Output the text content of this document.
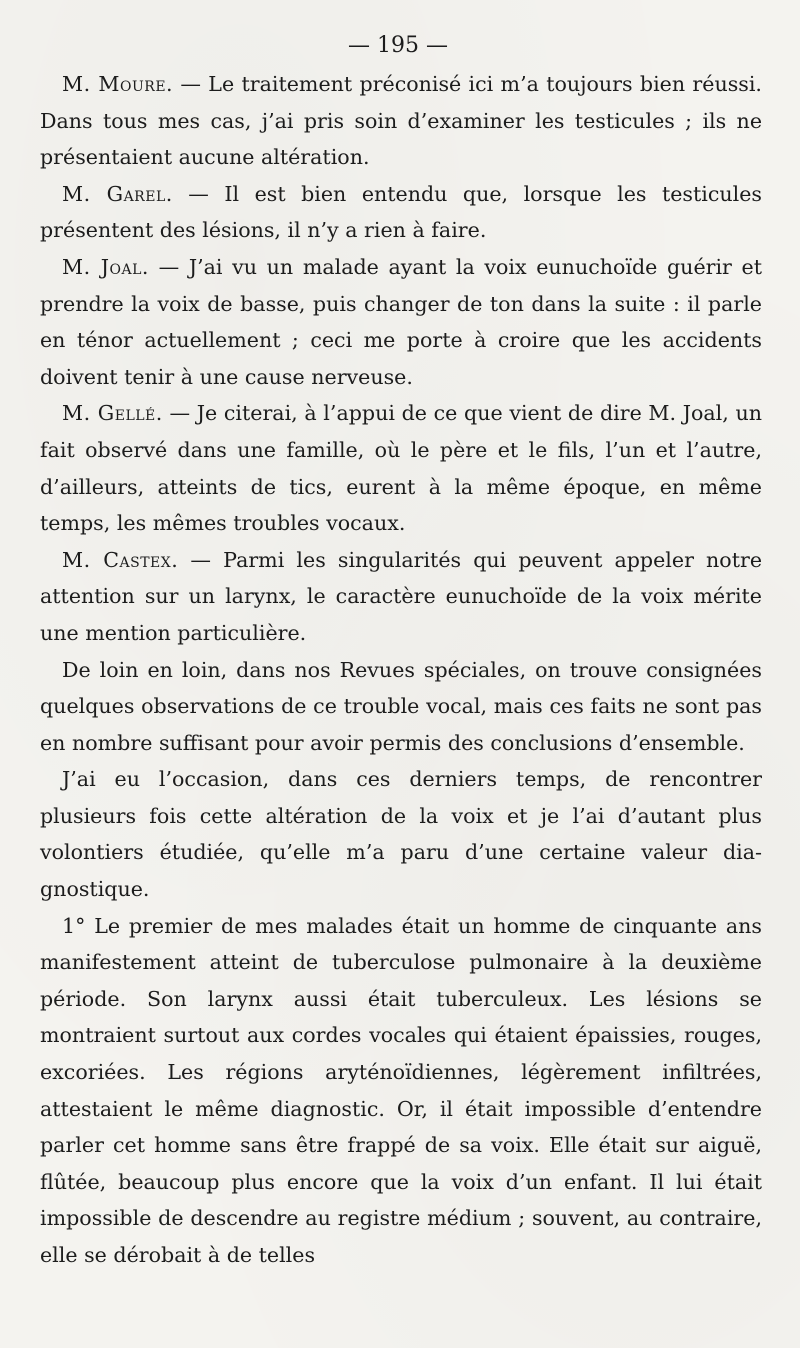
— 195 —

M. Moure. — Le traitement préconisé ici m’a toujours bien réussi. Dans tous mes cas, j’ai pris soin d’examiner les testicules ; ils ne présentaient aucune altération.

M. Garel. — Il est bien entendu que, lorsque les testicules présentent des lésions, il n’y a rien à faire.

M. Joal. — J’ai vu un malade ayant la voix eunuchoïde guérir et prendre la voix de basse, puis changer de ton dans la suite : il parle en ténor actuellement ; ceci me porte à croire que les accidents doivent tenir à une cause nerveuse.

M. Gellé. — Je citerai, à l’appui de ce que vient de dire M. Joal, un fait observé dans une famille, où le père et le fils, l’un et l’autre, d’ailleurs, atteints de tics, eurent à la même époque, en même temps, les mêmes troubles vocaux.

M. Castex. — Parmi les singularités qui peuvent appeler notre attention sur un larynx, le caractère eunuchoïde de la voix mérite une mention particulière.

De loin en loin, dans nos Revues spéciales, on trouve consignées quelques observations de ce trouble vocal, mais ces faits ne sont pas en nombre suffisant pour avoir permis des conclusions d’ensemble.

J’ai eu l’occasion, dans ces derniers temps, de rencontrer plusieurs fois cette altération de la voix et je l’ai d’autant plus volontiers étudiée, qu’elle m’a paru d’une certaine valeur diagnostique.

1° Le premier de mes malades était un homme de cinquante ans manifestement atteint de tuberculose pulmonaire à la deuxième période. Son larynx aussi était tuberculeux. Les lésions se montraient surtout aux cordes vocales qui étaient épaissies, rouges, excoriées. Les régions aryténoïdiennes, légèrement infiltrées, attestaient le même diagnostic. Or, il était impossible d’entendre parler cet homme sans être frappé de sa voix. Elle était sur aiguë, flûtée, beaucoup plus encore que la voix d’un enfant. Il lui était impossible de descendre au registre médium ; souvent, au contraire, elle se dérobait à de telles
